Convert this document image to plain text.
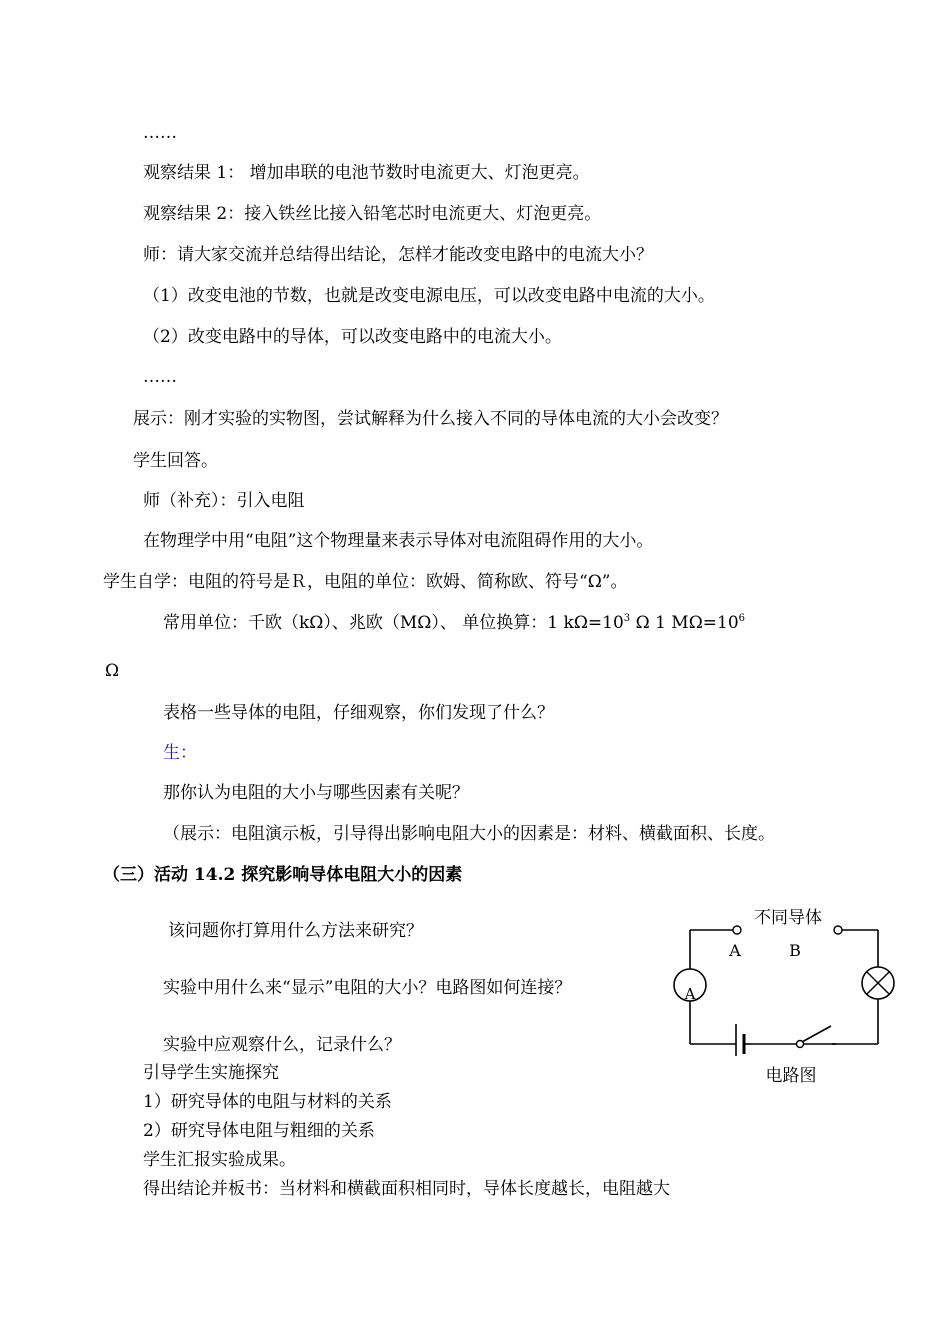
……
观察结果 1： 增加串联的电池节数时电流更大、灯泡更亮。
观察结果 2：接入铁丝比接入铅笔芯时电流更大、灯泡更亮。
师：请大家交流并总结得出结论，怎样才能改变电路中的电流大小？
（1）改变电池的节数，也就是改变电源电压，可以改变电路中电流的大小。
（2）改变电路中的导体，可以改变电路中的电流大小。
……
展示：刚才实验的实物图，尝试解释为什么接入不同的导体电流的大小会改变？
学生回答。
师（补充）：引入电阻
在物理学中用“电阻”这个物理量来表示导体对电流阻碍作用的大小。
学生自学：电阻的符号是Ｒ，电阻的单位：欧姆、简称欧、符号“Ω”。
常用单位：千欧（kΩ）、兆欧（MΩ）、 单位换算：1 $k\Omega=10^3$ Ω 1 $M\Omega=10^6$
Ω
表格一些导体的电阻，仔细观察，你们发现了什么？
生：
那你认为电阻的大小与哪些因素有关呢？
（展示：电阻演示板，引导得出影响电阻大小的因素是：材料、横截面积、长度。
（三）活动 14.2 探究影响导体电阻大小的因素
该问题你打算用什么方法来研究？
实验中用什么来“显示”电阻的大小？电路图如何连接？
实验中应观察什么，记录什么？
引导学生实施探究
1）研究导体的电阻与材料的关系
2）研究导体电阻与粗细的关系
学生汇报实验成果。
得出结论并板书：当材料和横截面积相同时，导体长度越长，电阻越大
不同导体
A	B
A
电路图
